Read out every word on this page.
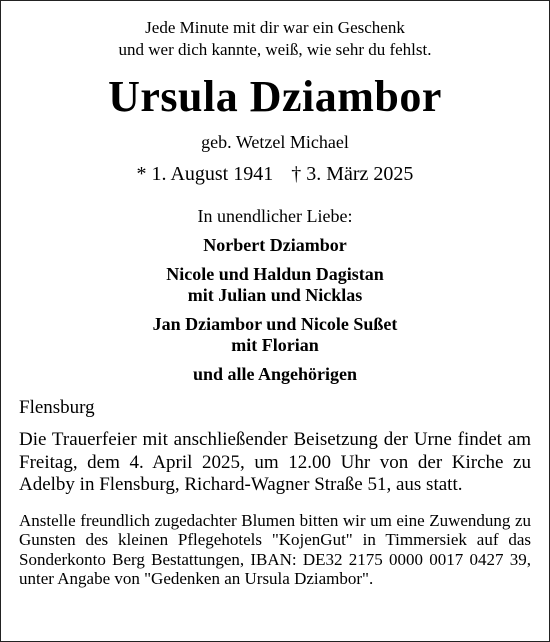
Jede Minute mit dir war ein Geschenk
und wer dich kannte, weiß, wie sehr du fehlst.
Ursula Dziambor
geb. Wetzel Michael
* 1. August 1941 † 3. März 2025
In unendlicher Liebe:
Norbert Dziambor
Nicole und Haldun Dagistan
mit Julian und Nicklas
Jan Dziambor und Nicole Sußet
mit Florian
und alle Angehörigen
Flensburg
Die Trauerfeier mit anschließender Beisetzung der Urne findet am Freitag, dem 4. April 2025, um 12.00 Uhr von der Kirche zu Adelby in Flensburg, Richard-Wagner Straße 51, aus statt.
Anstelle freundlich zugedachter Blumen bitten wir um eine Zuwendung zu Gunsten des kleinen Pflegehotels "KojenGut" in Timmersiek auf das Sonderkonto Berg Bestattungen, IBAN: DE32 2175 0000 0017 0427 39, unter Angabe von "Gedenken an Ursula Dziambor".
